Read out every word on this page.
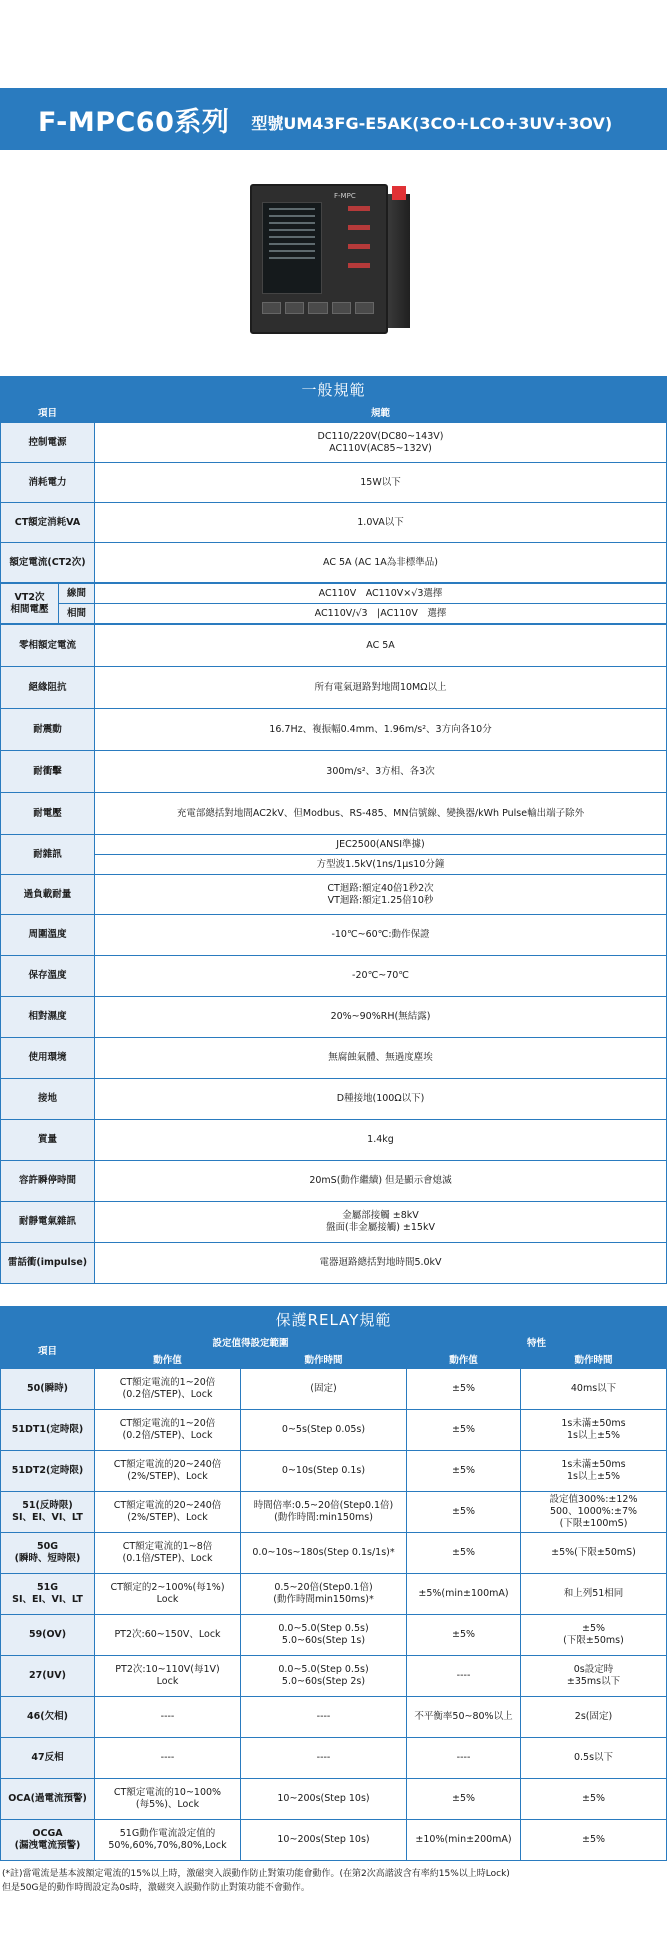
F-MPC60系列 型號UM43FG-E5AK(3CO+LCO+3UV+3OV)
F-MPC
一般規範
項目	規範
控制電源	DC110/220V(DC80~143V)
AC110V(AC85~132V)
消耗電力	15W以下
CT額定消耗VA	1.0VA以下
額定電流(CT2次)	AC 5A (AC 1A為非標準品)
VT2次
相間電壓	線間	AC110V　AC110V×√3選擇
	相間	AC110V/√3　|AC110V　選擇
零相額定電流	AC 5A
絕緣阻抗	所有電氣迴路對地間10MΩ以上
耐震動	16.7Hz、複振幅0.4mm、1.96m/s²、3方向各10分
耐衝擊	300m/s²、3方相、各3次
耐電壓	充電部總括對地間AC2kV、但Modbus、RS-485、MN信號線、變換器/kWh Pulse輸出端子除外
耐雜訊	JEC2500(ANSI準據)
	方型波1.5kV(1ns/1μs10分鐘
過負載耐量	CT迴路:額定40倍1秒2次
VT迴路:額定1.25倍10秒
周圍溫度	-10℃~60℃:動作保證
保存溫度	-20℃~70℃
相對濕度	20%~90%RH(無結露)
使用環境	無腐蝕氣體、無過度塵埃
接地	D種接地(100Ω以下)
質量	1.4kg
容許瞬停時間	20mS(動作繼續) 但是顯示會熄滅
耐靜電氣雜訊	金屬部接觸 ±8kV
盤面(非金屬接觸) ±15kV
雷話衝(impulse)	電器迴路總括對地時間5.0kV
保護RELAY規範
項目	設定值得設定範圍		特性	
	動作值	動作時間	動作值	動作時間
50(瞬時)	CT額定電流的1~20倍
(0.2倍/STEP)、Lock	(固定)	±5%	40ms以下
51DT1(定時限)	CT額定電流的1~20倍
(0.2倍/STEP)、Lock	0~5s(Step 0.05s)	±5%	1s未滿±50ms
1s以上±5%
51DT2(定時限)	CT額定電流的20~240倍
(2%/STEP)、Lock	0~10s(Step 0.1s)	±5%	1s未滿±50ms
1s以上±5%
51(反時限)
SI、EI、VI、LT	CT額定電流的20~240倍
(2%/STEP)、Lock	時間倍率:0.5~20倍(Step0.1倍)
(動作時間:min150ms)	±5%	設定值300%:±12%
500、1000%:±7%
(下限±100mS)
50G
(瞬時、短時限)	CT額定電流的1~8倍
(0.1倍/STEP)、Lock	0.0~10s~180s(Step 0.1s/1s)*	±5%	±5%(下限±50mS)
51G
SI、EI、VI、LT	CT額定的2~100%(每1%)
Lock	0.5~20倍(Step0.1倍)
(動作時間min150ms)*	±5%(min±100mA)	和上列51相同
59(OV)	PT2次:60~150V、Lock	0.0~5.0(Step 0.5s)
5.0~60s(Step 1s)	±5%	±5%
(下限±50ms)
27(UV)	PT2次:10~110V(每1V)
Lock	0.0~5.0(Step 0.5s)
5.0~60s(Step 2s)	----	0s設定時
±35ms以下
46(欠相)	----	----	不平衡率50~80%以上	2s(固定)
47反相	----	----	----	0.5s以下
OCA(過電流預警)	CT額定電流的10~100%
(每5%)、Lock	10~200s(Step 10s)	±5%	±5%
OCGA
(漏洩電流預警)	51G動作電流設定值的
50%,60%,70%,80%,Lock	10~200s(Step 10s)	±10%(min±200mA)	±5%
(*註)當電流是基本波額定電流的15%以上時，激磁突入誤動作防止對策功能會動作。(在第2次高諧波含有率約15%以上時Lock)
但是50G是的動作時間設定為0s時，激磁突入誤動作防止對策功能不會動作。
